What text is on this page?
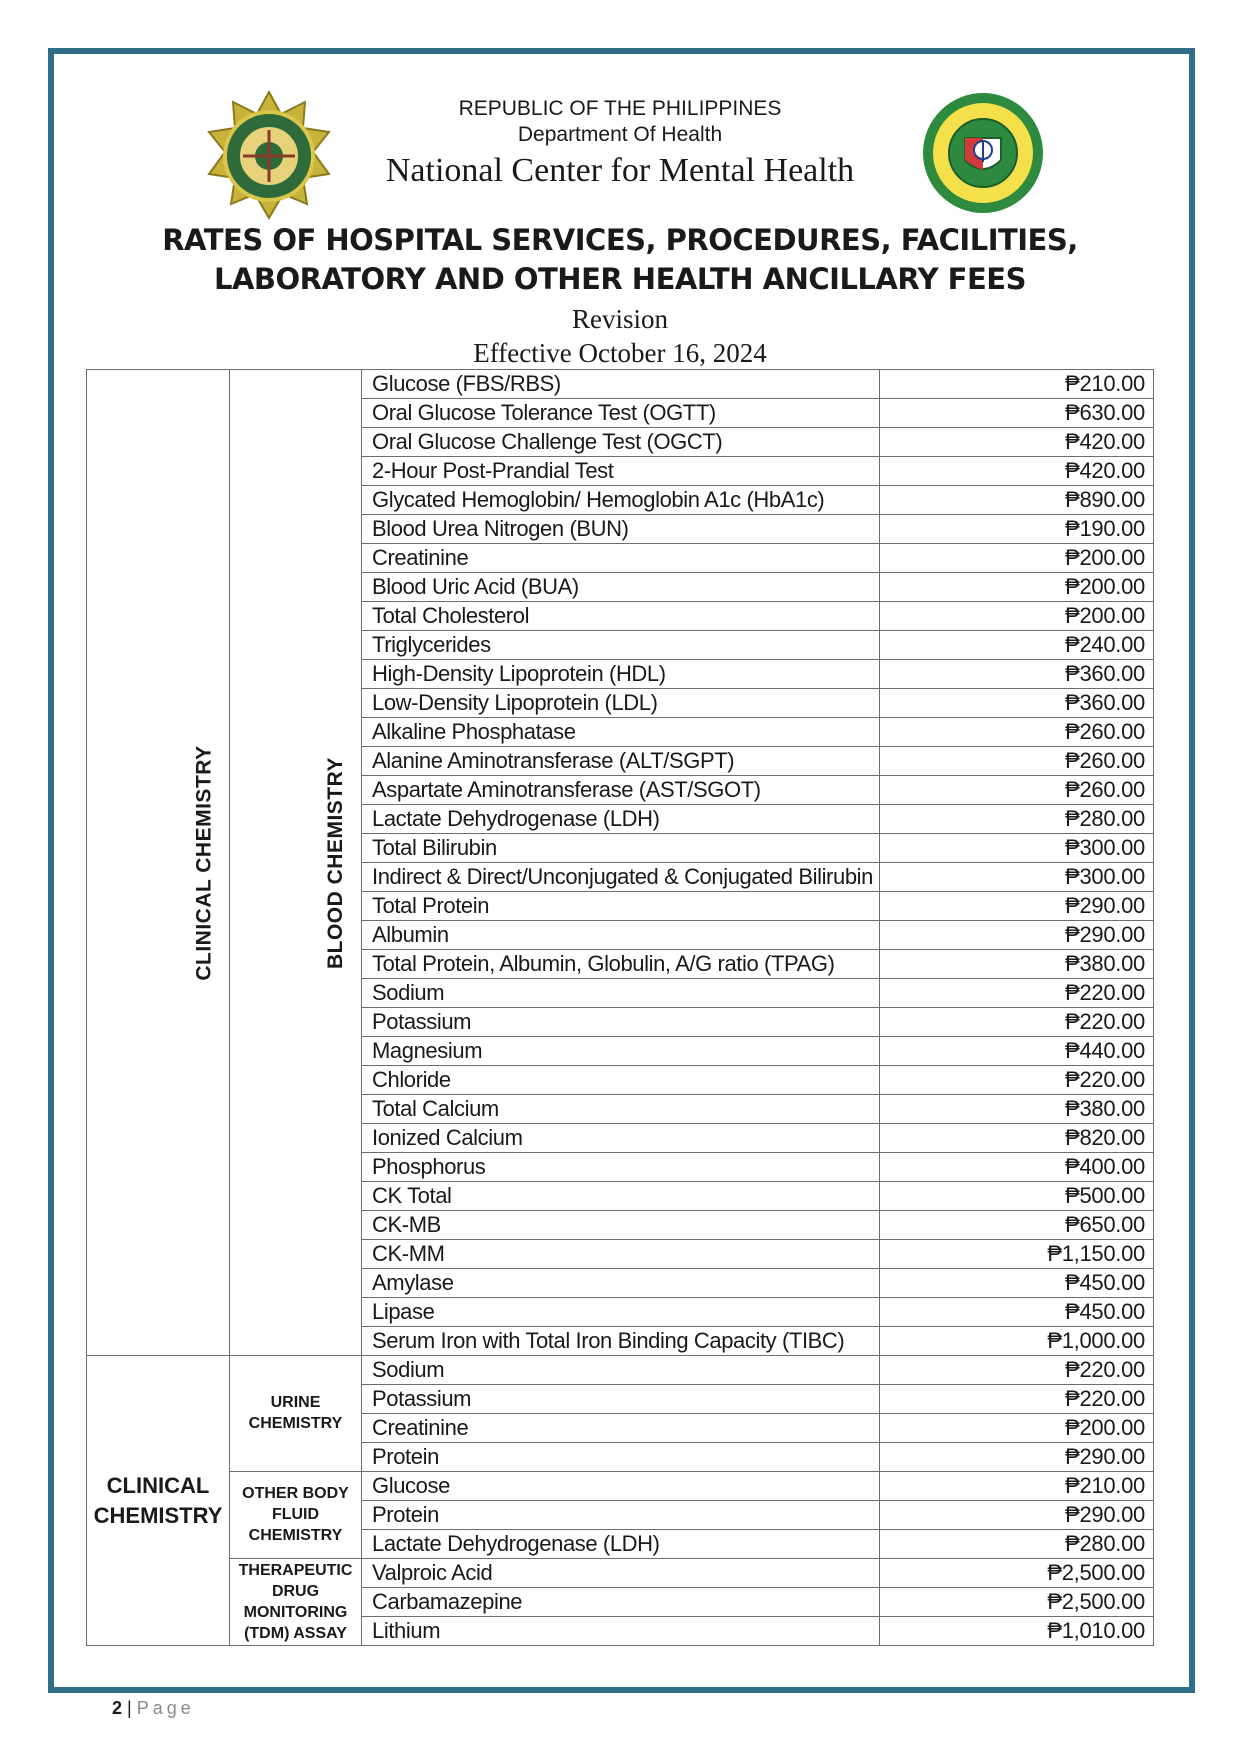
REPUBLIC OF THE PHILIPPINES
Department Of Health
National Center for Mental Health
RATES OF HOSPITAL SERVICES, PROCEDURES, FACILITIES,
LABORATORY AND OTHER HEALTH ANCILLARY FEES
Revision
Effective October 16, 2024
CLINICAL CHEMISTRY	BLOOD CHEMISTRY	Glucose (FBS/RBS)	₱210.00
		Oral Glucose Tolerance Test (OGTT)	₱630.00
		Oral Glucose Challenge Test (OGCT)	₱420.00
		2-Hour Post-Prandial Test	₱420.00
		Glycated Hemoglobin/ Hemoglobin A1c (HbA1c)	₱890.00
		Blood Urea Nitrogen (BUN)	₱190.00
		Creatinine	₱200.00
		Blood Uric Acid (BUA)	₱200.00
		Total Cholesterol	₱200.00
		Triglycerides	₱240.00
		High-Density Lipoprotein (HDL)	₱360.00
		Low-Density Lipoprotein (LDL)	₱360.00
		Alkaline Phosphatase	₱260.00
		Alanine Aminotransferase (ALT/SGPT)	₱260.00
		Aspartate Aminotransferase (AST/SGOT)	₱260.00
		Lactate Dehydrogenase (LDH)	₱280.00
		Total Bilirubin	₱300.00
		Indirect & Direct/Unconjugated & Conjugated Bilirubin	₱300.00
		Total Protein	₱290.00
		Albumin	₱290.00
		Total Protein, Albumin, Globulin, A/G ratio (TPAG)	₱380.00
		Sodium	₱220.00
		Potassium	₱220.00
		Magnesium	₱440.00
		Chloride	₱220.00
		Total Calcium	₱380.00
		Ionized Calcium	₱820.00
		Phosphorus	₱400.00
		CK Total	₱500.00
		CK-MB	₱650.00
		CK-MM	₱1,150.00
		Amylase	₱450.00
		Lipase	₱450.00
		Serum Iron with Total Iron Binding Capacity (TIBC)	₱1,000.00
CLINICAL CHEMISTRY	URINE CHEMISTRY	Sodium	₱220.00
		Potassium	₱220.00
		Creatinine	₱200.00
		Protein	₱290.00
	OTHER BODY FLUID CHEMISTRY	Glucose	₱210.00
		Protein	₱290.00
		Lactate Dehydrogenase (LDH)	₱280.00
	THERAPEUTIC DRUG MONITORING (TDM) ASSAY	Valproic Acid	₱2,500.00
		Carbamazepine	₱2,500.00
		Lithium	₱1,010.00
2 | Page
